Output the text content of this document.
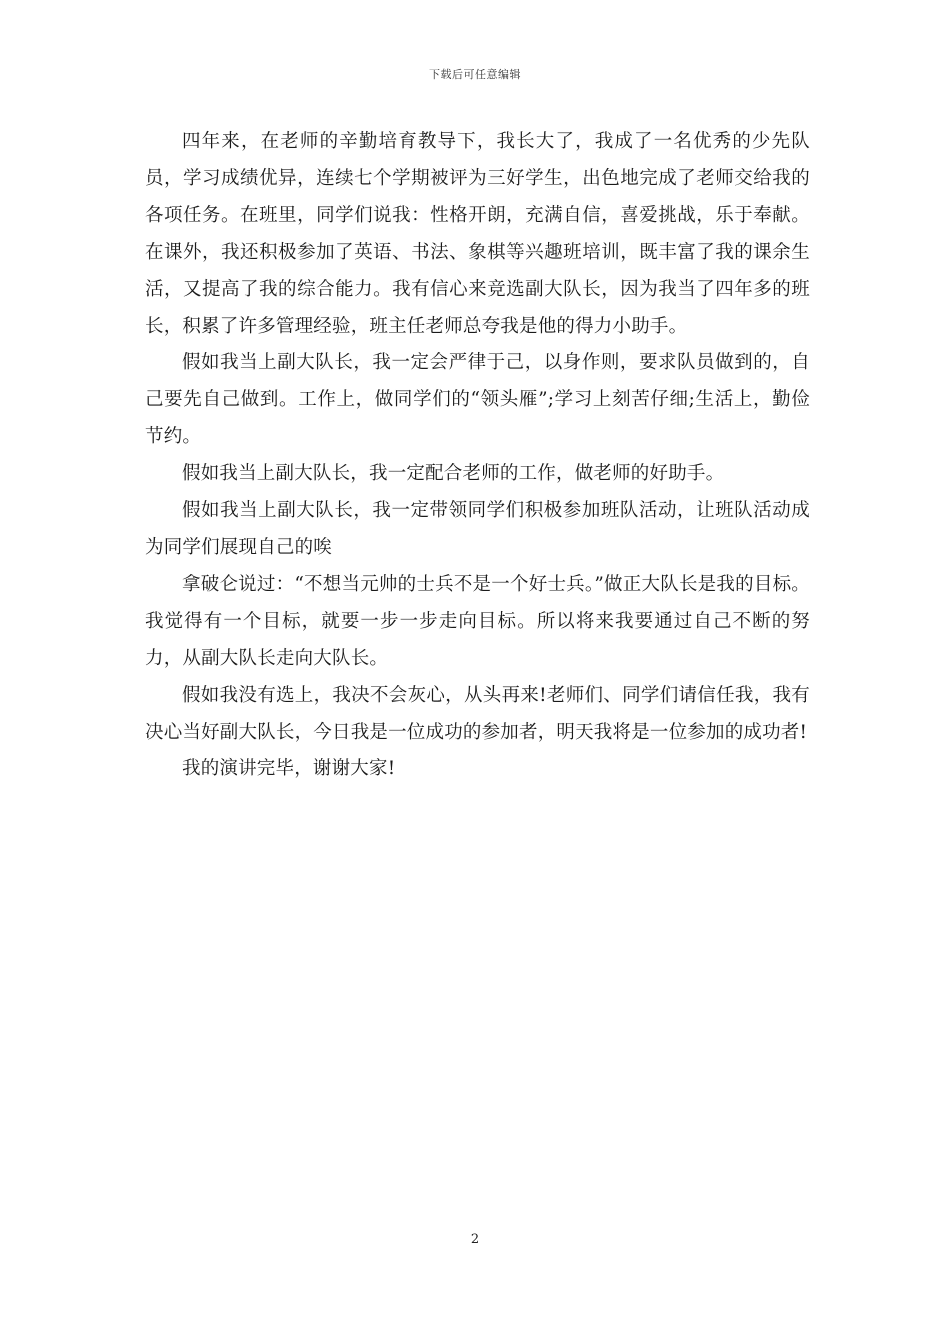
下载后可任意编辑

四年来，在老师的辛勤培育教导下，我长大了，我成了一名优秀的少先队员，学习成绩优异，连续七个学期被评为三好学生，出色地完成了老师交给我的各项任务。在班里，同学们说我：性格开朗，充满自信，喜爱挑战，乐于奉献。在课外，我还积极参加了英语、书法、象棋等兴趣班培训，既丰富了我的课余生活，又提高了我的综合能力。我有信心来竞选副大队长，因为我当了四年多的班长，积累了许多管理经验，班主任老师总夸我是他的得力小助手。

假如我当上副大队长，我一定会严律于己，以身作则，要求队员做到的，自己要先自己做到。工作上，做同学们的“领头雁”;学习上刻苦仔细;生活上，勤俭节约。

假如我当上副大队长，我一定配合老师的工作，做老师的好助手。

假如我当上副大队长，我一定带领同学们积极参加班队活动，让班队活动成为同学们展现自己的唉

拿破仑说过：“不想当元帅的士兵不是一个好士兵。”做正大队长是我的目标。我觉得有一个目标，就要一步一步走向目标。所以将来我要通过自己不断的努力，从副大队长走向大队长。

假如我没有选上，我决不会灰心，从头再来!老师们、同学们请信任我，我有决心当好副大队长，今日我是一位成功的参加者，明天我将是一位参加的成功者!

我的演讲完毕，谢谢大家!

2
